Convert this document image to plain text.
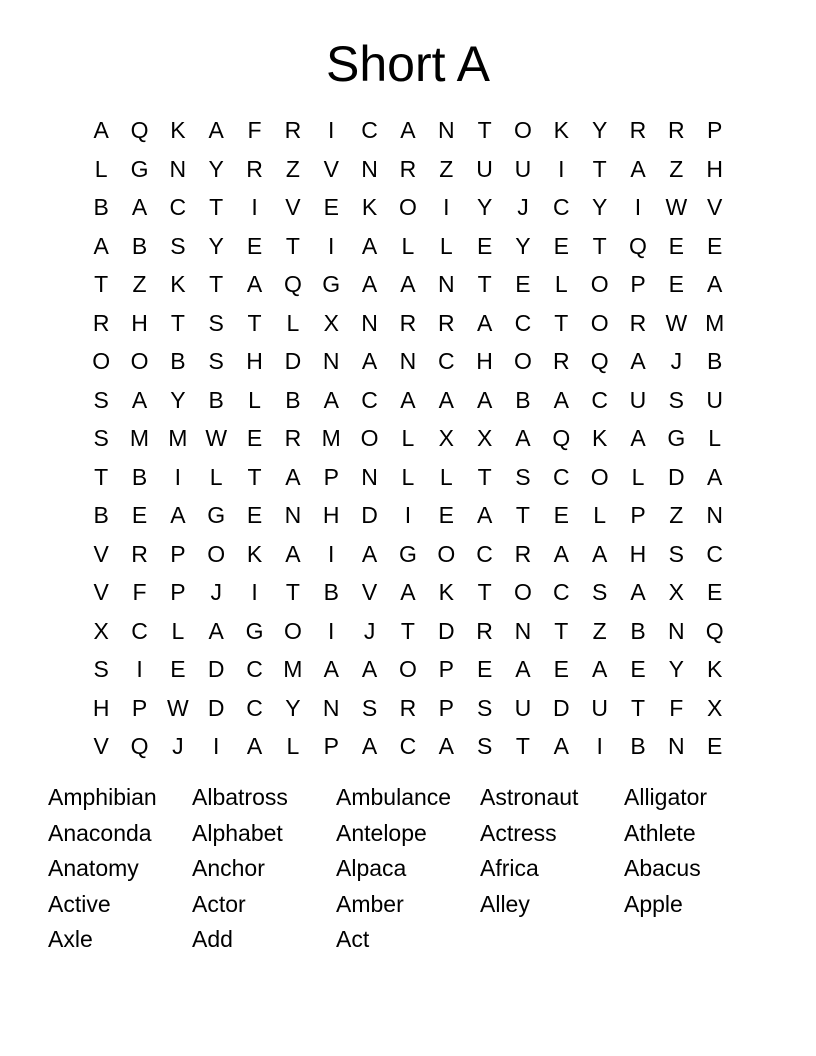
Short A
A Q K	A	F	R	I	C A N	T O K	Y R R P
L	G N Y R	Z	V N R	Z	U U	I	T	A	Z	H
B	A C	T	I	V	E	K O	I	Y	J	C Y	I	W V
A	B	S	Y	E	T	I	A	L	L	E	Y	E	T Q E	E
T	Z	K	T	A Q G A	A N	T	E	L	O P	E	A
R H	T	S	T	L	X N R R A C	T O R W M
O O B	S H D N A N C H O R Q A	J	B
S	A	Y	B	L	B	A C A	A	A	B	A C U S U
S M M W E R M O	L	X	X	A Q K	A G	L
T	B	I	L	T	A	P N	L	L	T	S C O	L	D A
B	E	A G E N H D	I	E	A	T	E	L	P	Z	N
V R P O K	A	I	A G O C R A	A H S C
V	F	P	J	I	T	B	V	A	K	T O C S	A	X	E
X C	L	A G O	I	J	T	D R N	T	Z	B N Q
S	I	E D C M A	A O P	E	A	E	A	E	Y	K
H P W D C Y N S R P	S U D U	T	F	X
V Q	J	I	A	L	P	A C A	S	T	A	I	B N E
Amphibian	Albatross	Ambulance	Astronaut	Alligator
Anaconda	Alphabet	Antelope	Actress	Athlete
Anatomy	Anchor	Alpaca	Africa	Abacus
Active	Actor	Amber	Alley	Apple
Axle	Add	Act
